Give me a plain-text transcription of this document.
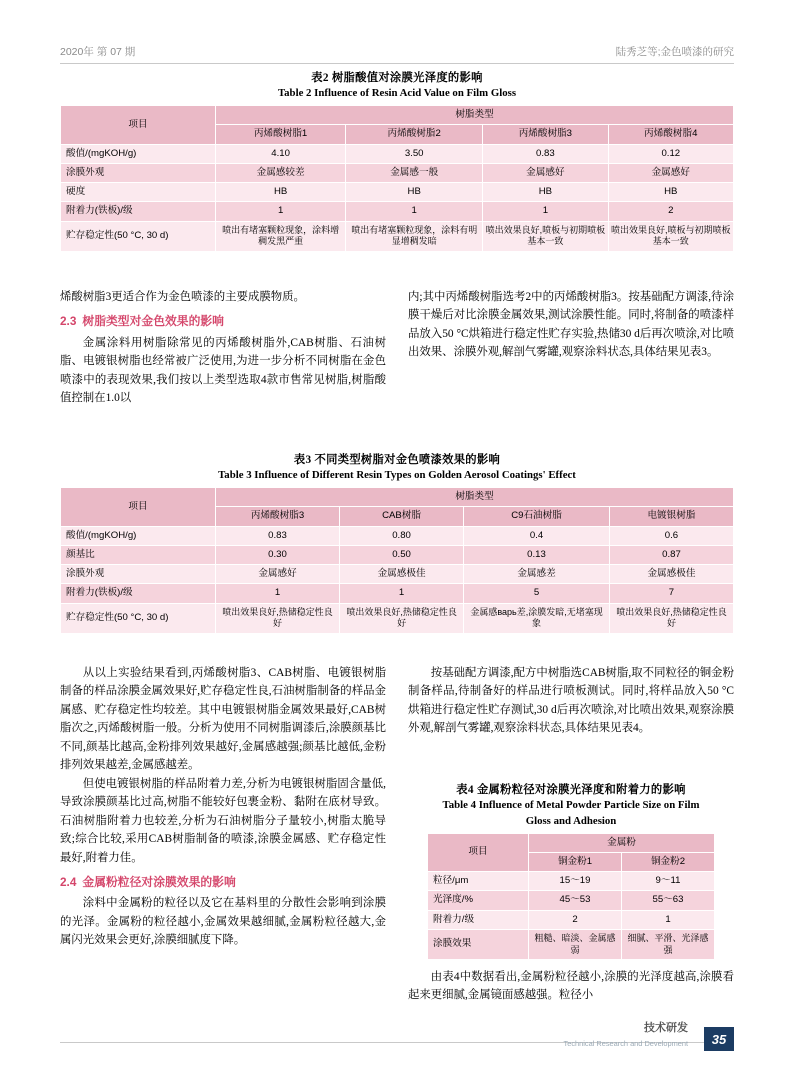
2020年 第 07 期	陆秀芝等;金色喷漆的研究
表2 树脂酸值对涂膜光泽度的影响
Table 2 Influence of Resin Acid Value on Film Gloss
项目	树脂类型			
	丙烯酸树脂1	丙烯酸树脂2	丙烯酸树脂3	丙烯酸树脂4
酸值/(mgKOH/g)	4.10	3.50	0.83	0.12
涂膜外观	金属感较差	金属感一般	金属感好	金属感好
硬度	HB	HB	HB	HB
附着力(铁板)/级	1	1	1	2
贮存稳定性(50 °C, 30 d)	喷出有堵塞颗粒现象，涂料增稠发黑严重	喷出有堵塞颗粒现象，涂料有明显增稠发暗	喷出效果良好,喷板与初期喷板基本一致	喷出效果良好,喷板与初期喷板基本一致

烯酸树脂3更适合作为金色喷漆的主要成膜物质。

2.3 树脂类型对金色效果的影响

金属涂料用树脂除常见的丙烯酸树脂外,CAB树脂、石油树脂、电镀银树脂也经常被广泛使用,为进一步分析不同树脂在金色喷漆中的表现效果,我们按以上类型选取4款市售常见树脂,树脂酸值控制在1.0以

内;其中丙烯酸树脂选考2中的丙烯酸树脂3。按基础配方调漆,待涂膜干燥后对比涂膜金属效果,测试涂膜性能。同时,将制备的喷漆样品放入50 °C烘箱进行稳定性贮存实验,热储30 d后再次喷涂,对比喷出效果、涂膜外观,解剖气雾罐,观察涂料状态,具体结果见表3。

表3 不同类型树脂对金色喷漆效果的影响
Table 3 Influence of Different Resin Types on Golden Aerosol Coatings' Effect
项目	树脂类型			
	丙烯酸树脂3	CAB树脂	C9石油树脂	电镀银树脂
酸值/(mgKOH/g)	0.83	0.80	0.4	0.6
颜基比	0.30	0.50	0.13	0.87
涂膜外观	金属感好	金属感极佳	金属感差	金属感极佳
附着力(铁板)/级	1	1	5	7
贮存稳定性(50 °C, 30 d)	喷出效果良好,热储稳定性良好	喷出效果良好,热储稳定性良好	金属感варь差,涂膜发暗,无堵塞现象	喷出效果良好,热储稳定性良好

从以上实验结果看到,丙烯酸树脂3、CAB树脂、电镀银树脂制备的样品涂膜金属效果好,贮存稳定性良,石油树脂制备的样品金属感、贮存稳定性均较差。其中电镀银树脂金属效果最好,CAB树脂次之,丙烯酸树脂一般。分析为使用不同树脂调漆后,涂膜颜基比不同,颜基比越高,金粉排列效果越好,金属感越强;颜基比越低,金粉排列效果越差,金属感越差。

但使电镀银树脂的样品附着力差,分析为电镀银树脂固含量低,导致涂膜颜基比过高,树脂不能较好包裹金粉、黏附在底材导致。石油树脂附着力也较差,分析为石油树脂分子量较小,树脂太脆导致;综合比较,采用CAB树脂制备的喷漆,涂膜金属感、贮存稳定性最好,附着力佳。

2.4 金属粉粒径对涂膜效果的影响

涂料中金属粉的粒径以及它在基料里的分散性会影响到涂膜的光泽。金属粉的粒径越小,金属效果越细腻,金属粉粒径越大,金属闪光效果会更好,涂膜细腻度下降。

按基础配方调漆,配方中树脂选CAB树脂,取不同粒径的铜金粉制备样品,待制备好的样品进行喷板测试。同时,将样品放入50 °C烘箱进行稳定性贮存测试,30 d后再次喷涂,对比喷出效果,观察涂膜外观,解剖气雾罐,观察涂料状态,具体结果见表4。

表4 金属粉粒径对涂膜光泽度和附着力的影响
Table 4 Influence of Metal Powder Particle Size on Film
Gloss and Adhesion
项目	金属粉	
	铜金粉1	铜金粉2
粒径/μm	15～19	9～11
光泽度/%	45～53	55～63
附着力/级	2	1
涂膜效果	粗糙、暗淡、金属感弱	细腻、平滑、光泽感强

由表4中数据看出,金属粉粒径越小,涂膜的光泽度越高,涂膜看起来更细腻,金属镜面感越强。粒径小

技术研发
Technical Research and Development	35
